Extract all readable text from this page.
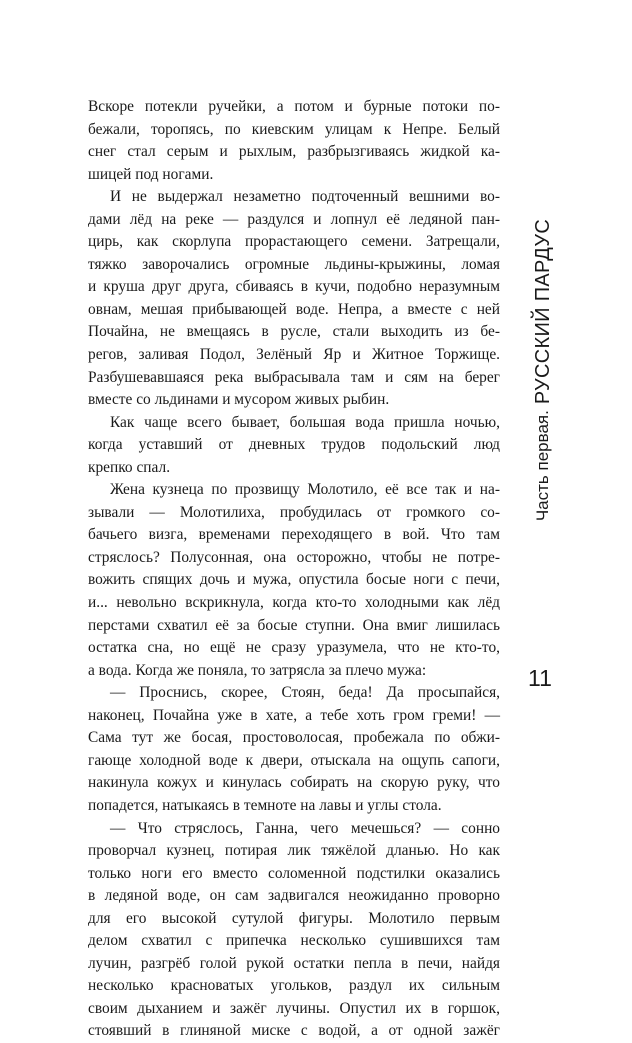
Вскоре потекли ручейки, а потом и бурные потоки по-
бежали, торопясь, по киевским улицам к Непре. Белый
снег стал серым и рыхлым, разбрызгиваясь жидкой ка-
шицей под ногами.
И не выдержал незаметно подточенный вешними во-
дами лёд на реке — раздулся и лопнул её ледяной пан-
цирь, как скорлупа прорастающего семени. Затрещали,
тяжко заворочались огромные льдины-крыжины, ломая
и круша друг друга, сбиваясь в кучи, подобно неразумным
овнам, мешая прибывающей воде. Непра, а вместе с ней
Почайна, не вмещаясь в русле, стали выходить из бе-
регов, заливая Подол, Зелёный Яр и Житное Торжище.
Разбушевавшаяся река выбрасывала там и сям на берег
вместе со льдинами и мусором живых рыбин.
Как чаще всего бывает, большая вода пришла ночью,
когда уставший от дневных трудов подольский люд
крепко спал.
Жена кузнеца по прозвищу Молотило, её все так и на-
зывали — Молотилиха, пробудилась от громкого со-
бачьего визга, временами переходящего в вой. Что там
стряслось? Полусонная, она осторожно, чтобы не потре-
вожить спящих дочь и мужа, опустила босые ноги с печи,
и... невольно вскрикнула, когда кто-то холодными как лёд
перстами схватил её за босые ступни. Она вмиг лишилась
остатка сна, но ещё не сразу уразумела, что не кто-то,
а вода. Когда же поняла, то затрясла за плечо мужа:
— Проснись, скорее, Стоян, беда! Да просыпайся,
наконец, Почайна уже в хате, а тебе хоть гром греми! —
Сама тут же босая, простоволосая, пробежала по обжи-
гающе холодной воде к двери, отыскала на ощупь сапоги,
накинула кожух и кинулась собирать на скорую руку, что
попадется, натыкаясь в темноте на лавы и углы стола.
— Что стряслось, Ганна, чего мечешься? — сонно
проворчал кузнец, потирая лик тяжёлой дланью. Но как
только ноги его вместо соломенной подстилки оказались
в ледяной воде, он сам задвигался неожиданно проворно
для его высокой сутулой фигуры. Молотило первым
делом схватил с припечка несколько сушившихся там
лучин, разгрёб голой рукой остатки пепла в печи, найдя
несколько красноватых угольков, раздул их сильным
своим дыханием и зажёг лучины. Опустил их в горшок,
стоявший в глиняной миске с водой, а от одной зажёг
Часть первая.
РУССКИЙ ПАРДУС
11
